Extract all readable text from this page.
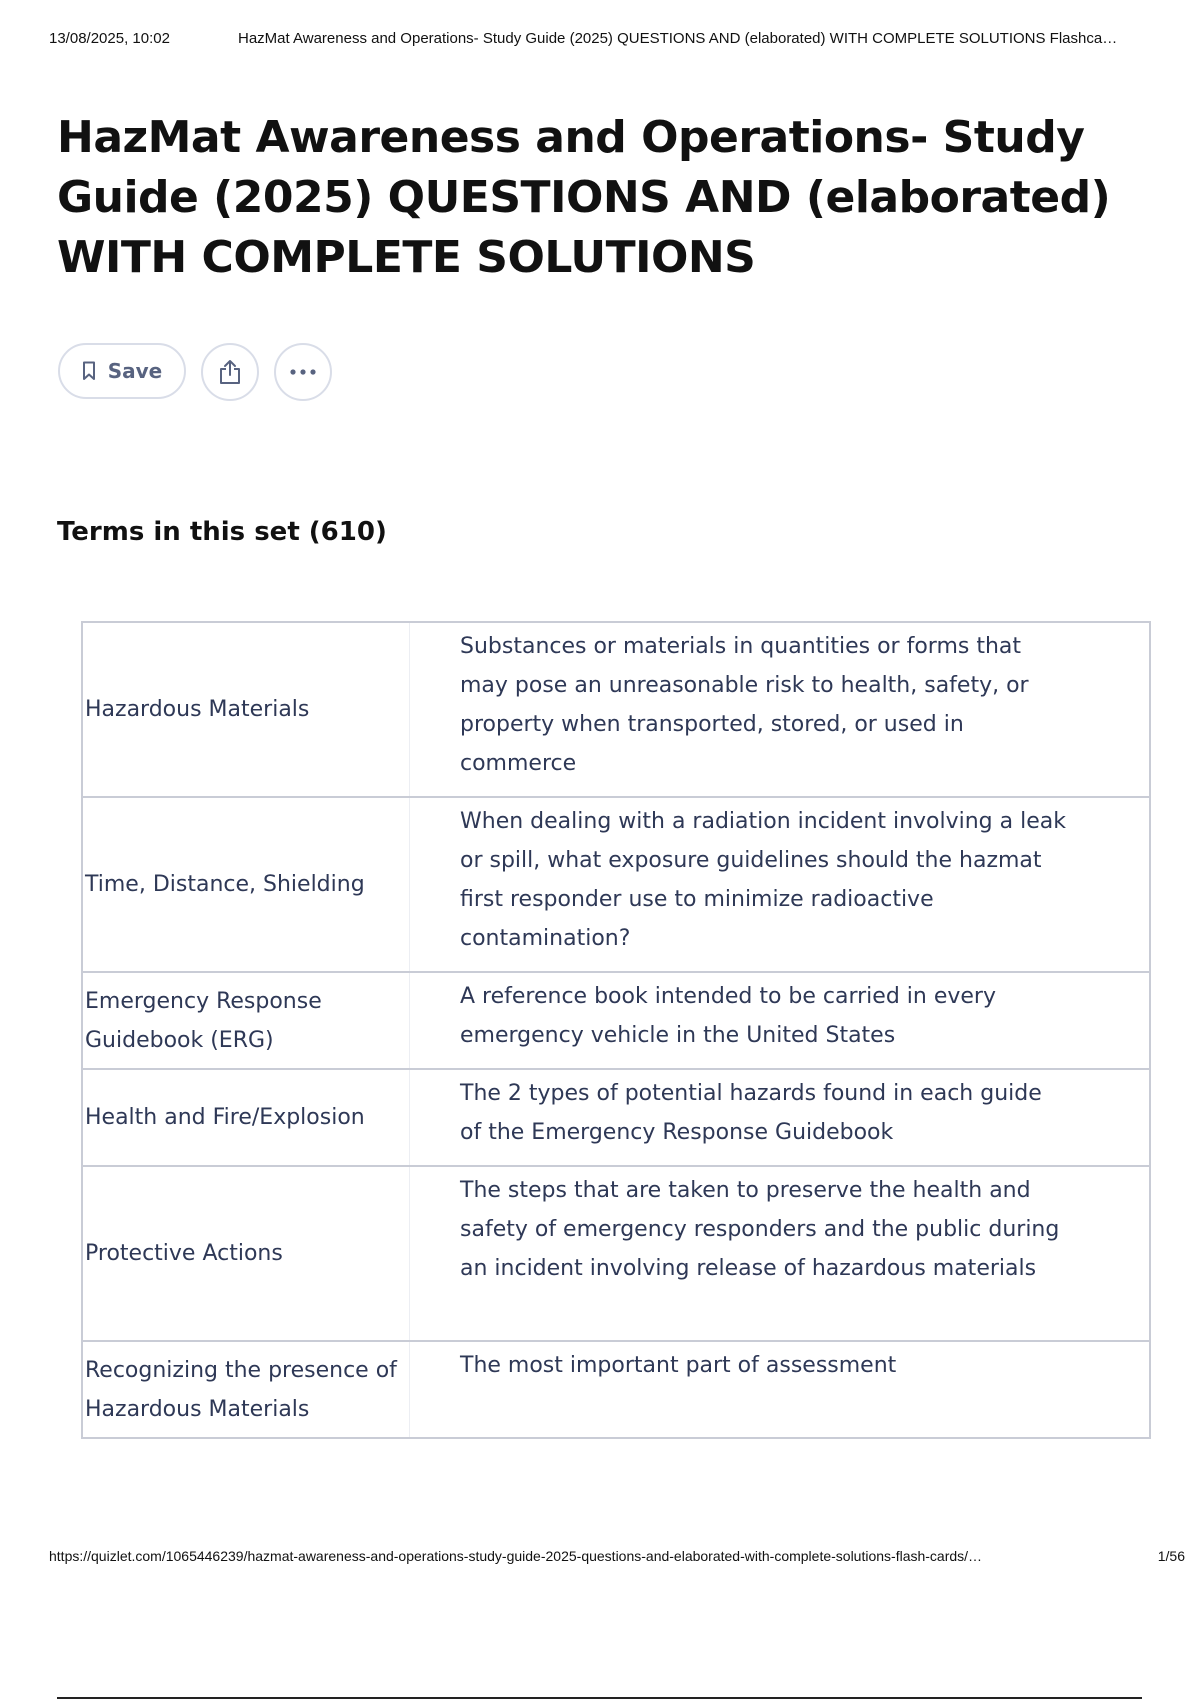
13/08/2025, 10:02	HazMat Awareness and Operations- Study Guide (2025) QUESTIONS AND (elaborated) WITH COMPLETE SOLUTIONS Flashca…
HazMat Awareness and Operations- Study Guide (2025) QUESTIONS AND (elaborated) WITH COMPLETE SOLUTIONS
Save
Terms in this set (610)
Hazardous Materials	Substances or materials in quantities or forms that may pose an unreasonable risk to health, safety, or property when transported, stored, or used in commerce
Time, Distance, Shielding	When dealing with a radiation incident involving a leak or spill, what exposure guidelines should the hazmat first responder use to minimize radioactive contamination?
Emergency Response Guidebook (ERG)	A reference book intended to be carried in every emergency vehicle in the United States
Health and Fire/Explosion	The 2 types of potential hazards found in each guide of the Emergency Response Guidebook
Protective Actions	The steps that are taken to preserve the health and safety of emergency responders and the public during an incident involving release of hazardous materials
Recognizing the presence of Hazardous Materials	The most important part of assessment
https://quizlet.com/1065446239/hazmat-awareness-and-operations-study-guide-2025-questions-and-elaborated-with-complete-solutions-flash-cards/…	1/56
